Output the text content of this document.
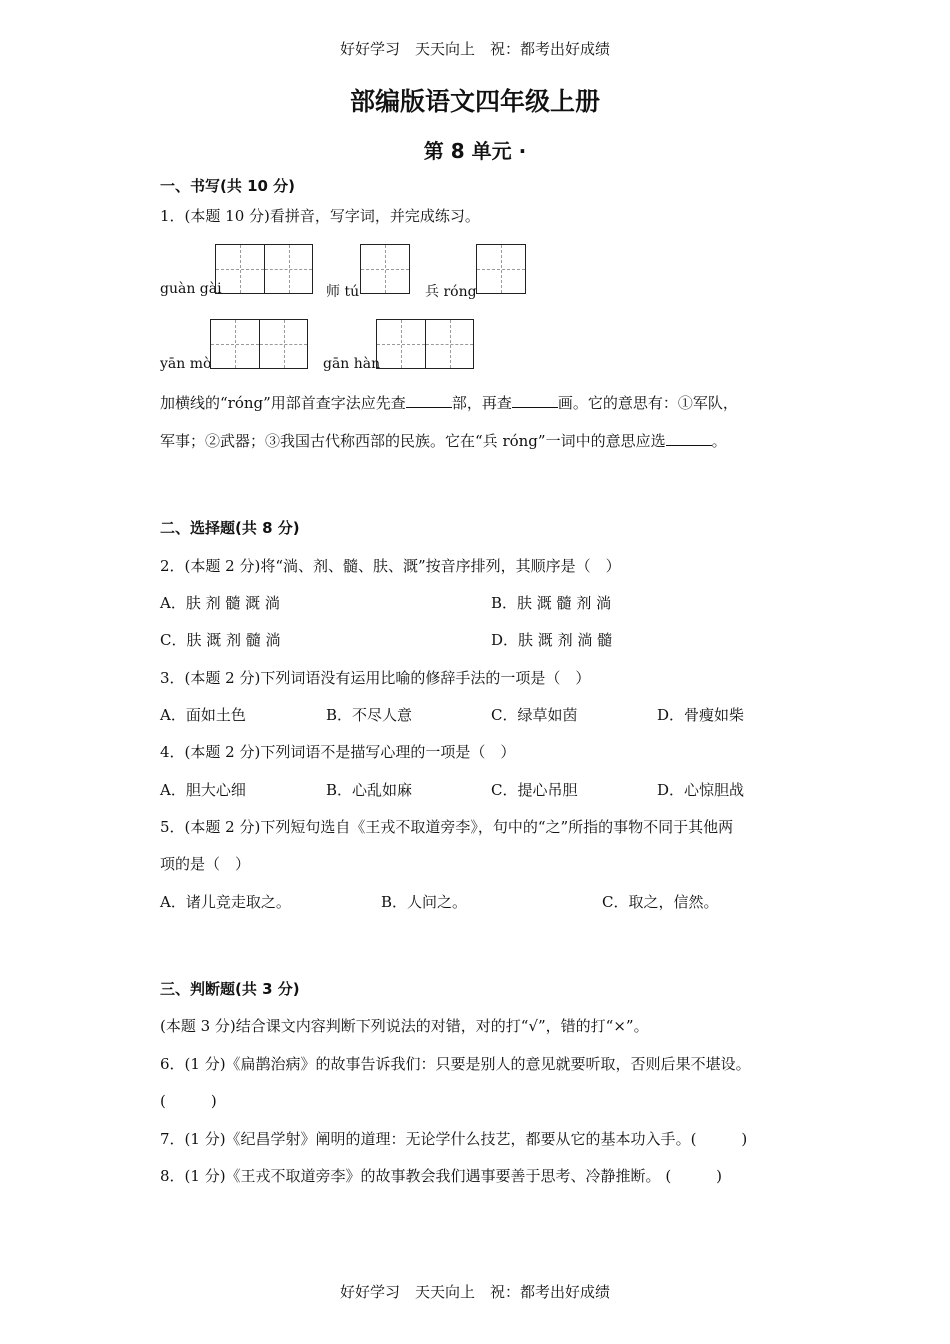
好好学习　天天向上　祝：都考出好成绩
部编版语文四年级上册
第 8 单元 ·
一、书写(共 10 分)
1．(本题 10 分)看拼音，写字词，并完成练习。
guàn gài	师 tú	兵 róng
yān mò	gān hàn
加横线的“róng”用部首查字法应先查	部，再查	画。它的意思有：①军队，
军事；②武器；③我国古代称西部的民族。它在“兵 róng”一词中的意思应选	。
二、选择题(共 8 分)
2．(本题 2 分)将“淌、剂、髓、肤、溉”按音序排列，其顺序是（　）
A．肤 剂 髓 溉 淌	B．肤 溉 髓 剂 淌
C．肤 溉 剂 髓 淌	D．肤 溉 剂 淌 髓
3．(本题 2 分)下列词语没有运用比喻的修辞手法的一项是（　）
A．面如土色	B．不尽人意	C．绿草如茵	D．骨瘦如柴
4．(本题 2 分)下列词语不是描写心理的一项是（　）
A．胆大心细	B．心乱如麻	C．提心吊胆	D．心惊胆战
5．(本题 2 分)下列短句选自《王戎不取道旁李》，句中的“之”所指的事物不同于其他两
项的是（　）
A．诸儿竞走取之。	B．人问之。	C．取之，信然。
三、判断题(共 3 分)
(本题 3 分)结合课文内容判断下列说法的对错，对的打“√”，错的打“×”。
6．(1 分)《扁鹊治病》的故事告诉我们：只要是别人的意见就要听取，否则后果不堪设。
(　　　)
7．(1 分)《纪昌学射》阐明的道理：无论学什么技艺，都要从它的基本功入手。(　　　)
8．(1 分)《王戎不取道旁李》的故事教会我们遇事要善于思考、冷静推断。 (　　　)
好好学习　天天向上　祝：都考出好成绩
